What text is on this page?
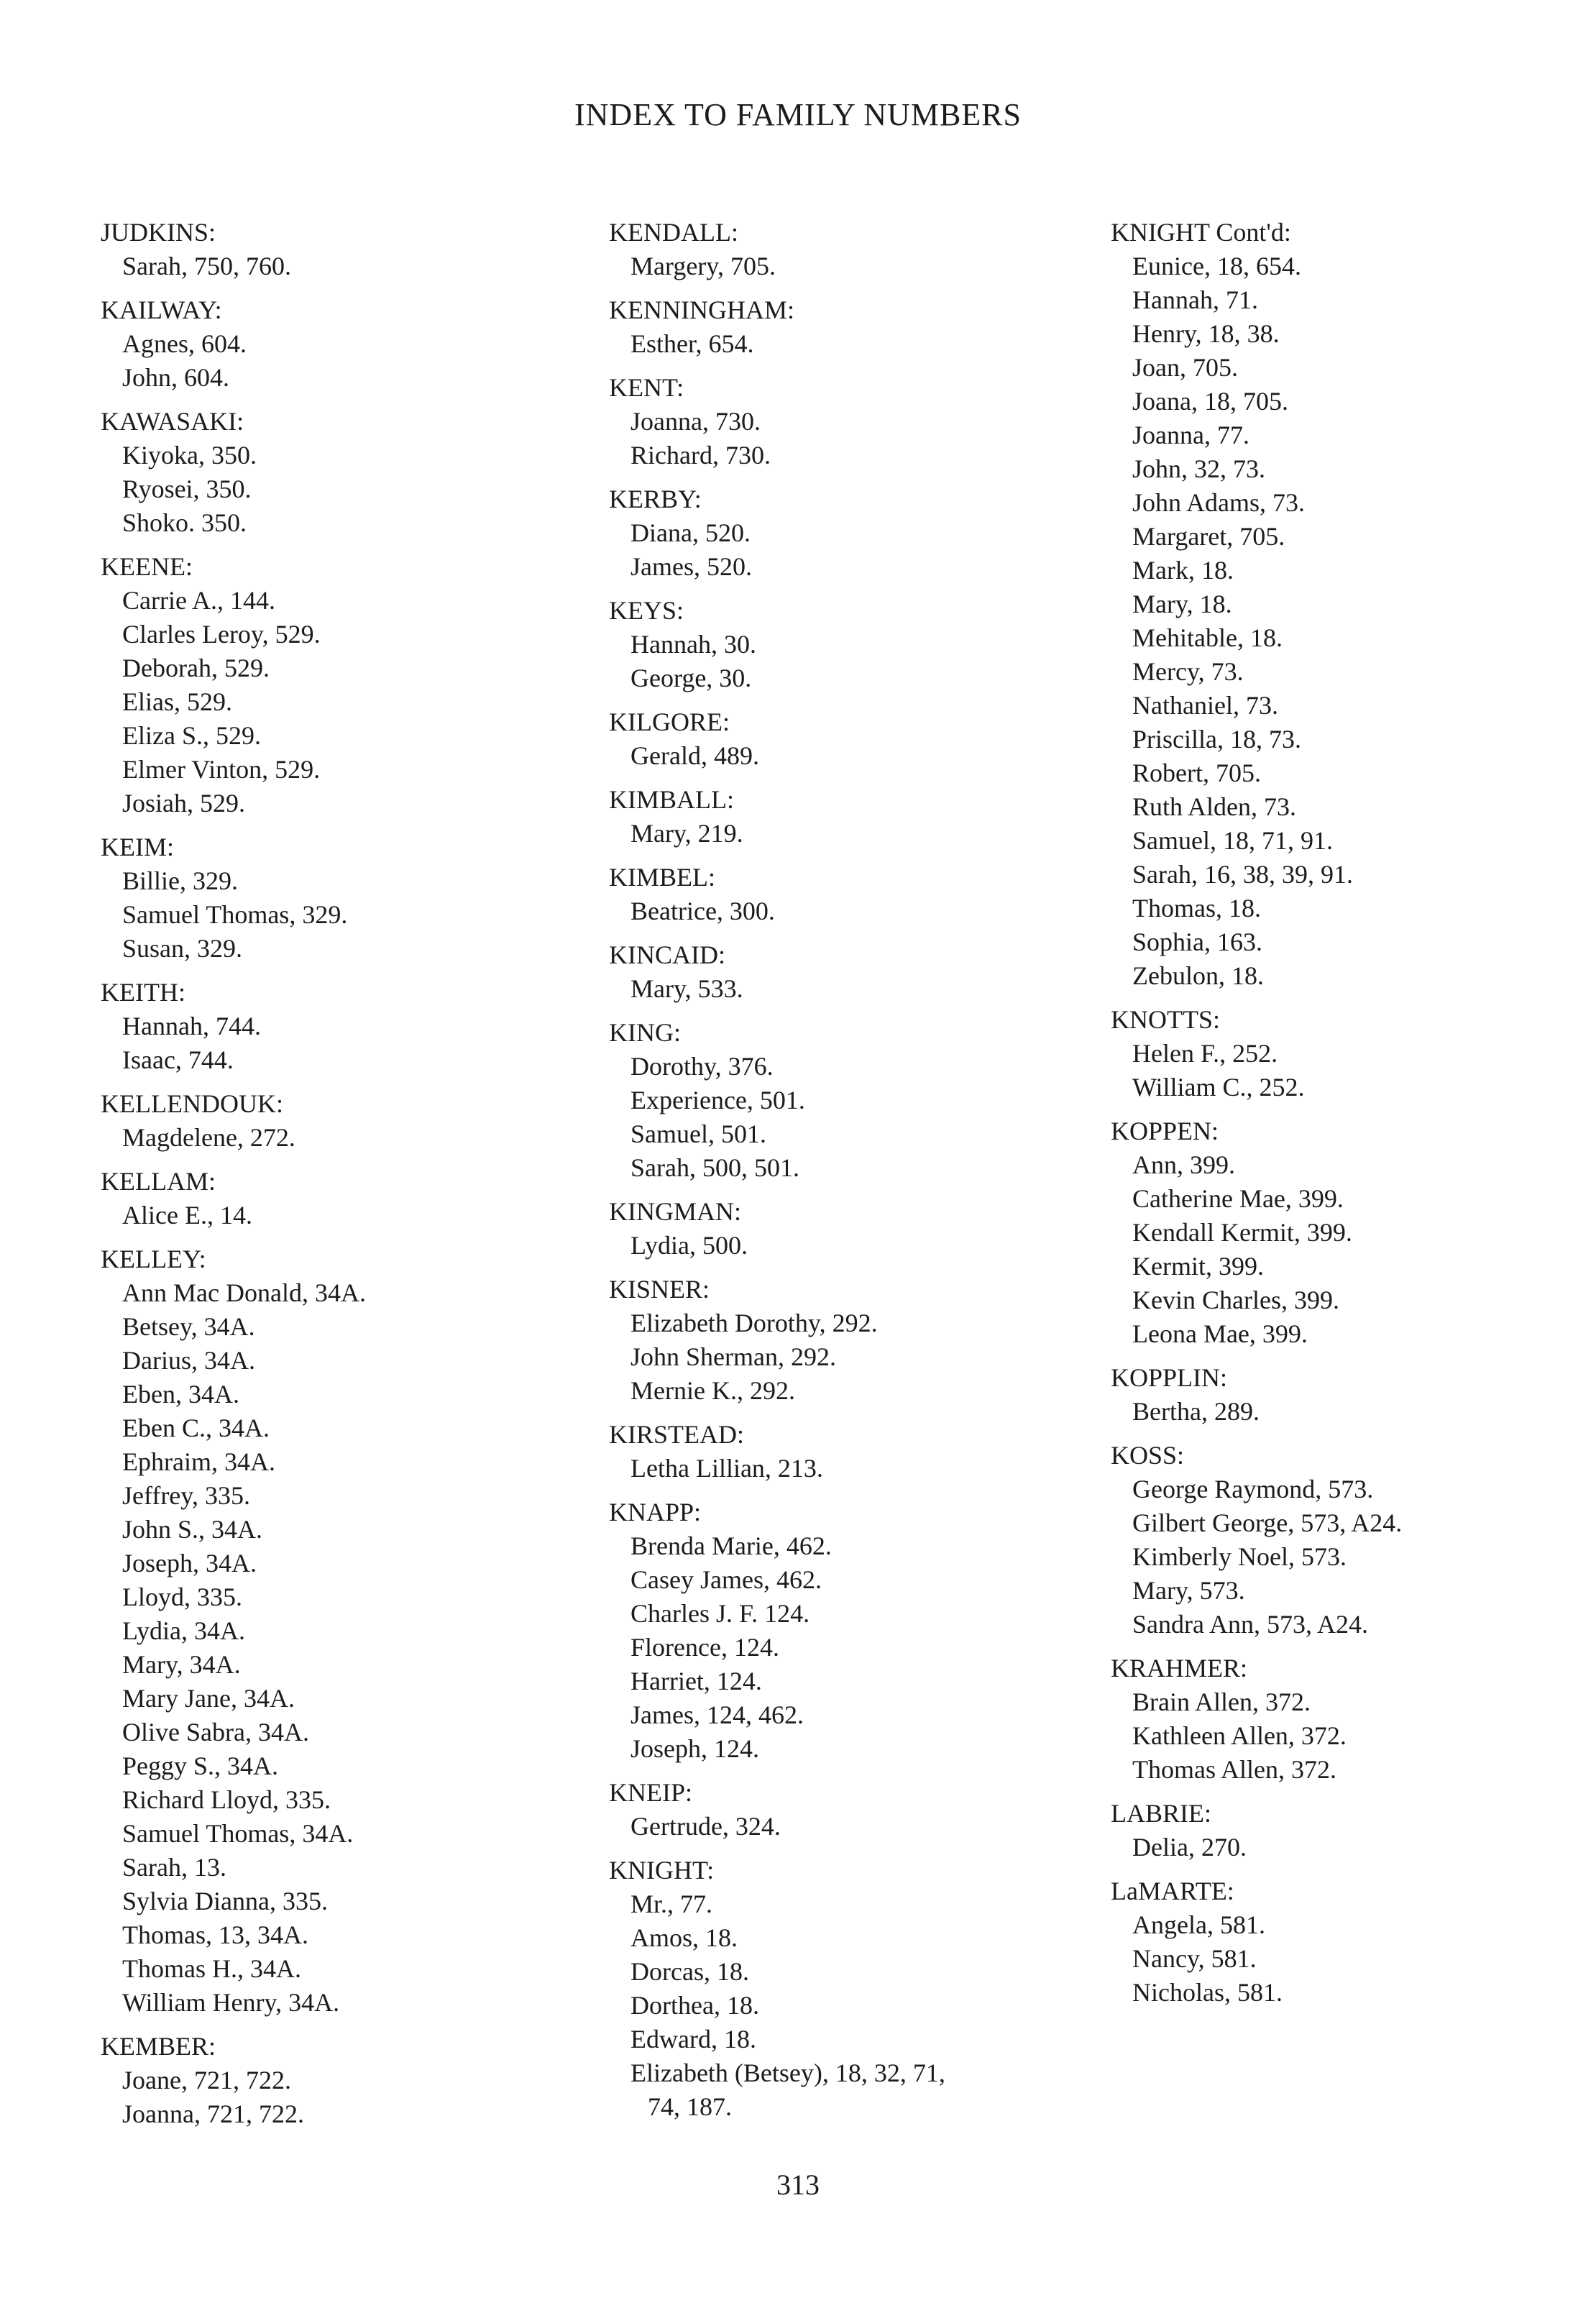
INDEX TO FAMILY NUMBERS
JUDKINS:
Sarah, 750, 760.
KAILWAY:
Agnes, 604.
John, 604.
KAWASAKI:
Kiyoka, 350.
Ryosei, 350.
Shoko. 350.
KEENE:
Carrie A., 144.
Clarles Leroy, 529.
Deborah, 529.
Elias, 529.
Eliza S., 529.
Elmer Vinton, 529.
Josiah, 529.
KEIM:
Billie, 329.
Samuel Thomas, 329.
Susan, 329.
KEITH:
Hannah, 744.
Isaac, 744.
KELLENDOUK:
Magdelene, 272.
KELLAM:
Alice E., 14.
KELLEY:
Ann Mac Donald, 34A.
Betsey, 34A.
Darius, 34A.
Eben, 34A.
Eben C., 34A.
Ephraim, 34A.
Jeffrey, 335.
John S., 34A.
Joseph, 34A.
Lloyd, 335.
Lydia, 34A.
Mary, 34A.
Mary Jane, 34A.
Olive Sabra, 34A.
Peggy S., 34A.
Richard Lloyd, 335.
Samuel Thomas, 34A.
Sarah, 13.
Sylvia Dianna, 335.
Thomas, 13, 34A.
Thomas H., 34A.
William Henry, 34A.
KEMBER:
Joane, 721, 722.
Joanna, 721, 722.
KENDALL:
Margery, 705.
KENNINGHAM:
Esther, 654.
KENT:
Joanna, 730.
Richard, 730.
KERBY:
Diana, 520.
James, 520.
KEYS:
Hannah, 30.
George, 30.
KILGORE:
Gerald, 489.
KIMBALL:
Mary, 219.
KIMBEL:
Beatrice, 300.
KINCAID:
Mary, 533.
KING:
Dorothy, 376.
Experience, 501.
Samuel, 501.
Sarah, 500, 501.
KINGMAN:
Lydia, 500.
KISNER:
Elizabeth Dorothy, 292.
John Sherman, 292.
Mernie K., 292.
KIRSTEAD:
Letha Lillian, 213.
KNAPP:
Brenda Marie, 462.
Casey James, 462.
Charles J. F. 124.
Florence, 124.
Harriet, 124.
James, 124, 462.
Joseph, 124.
KNEIP:
Gertrude, 324.
KNIGHT:
Mr., 77.
Amos, 18.
Dorcas, 18.
Dorthea, 18.
Edward, 18.
Elizabeth (Betsey), 18, 32, 71,
74, 187.
KNIGHT Cont'd:
Eunice, 18, 654.
Hannah, 71.
Henry, 18, 38.
Joan, 705.
Joana, 18, 705.
Joanna, 77.
John, 32, 73.
John Adams, 73.
Margaret, 705.
Mark, 18.
Mary, 18.
Mehitable, 18.
Mercy, 73.
Nathaniel, 73.
Priscilla, 18, 73.
Robert, 705.
Ruth Alden, 73.
Samuel, 18, 71, 91.
Sarah, 16, 38, 39, 91.
Thomas, 18.
Sophia, 163.
Zebulon, 18.
KNOTTS:
Helen F., 252.
William C., 252.
KOPPEN:
Ann, 399.
Catherine Mae, 399.
Kendall Kermit, 399.
Kermit, 399.
Kevin Charles, 399.
Leona Mae, 399.
KOPPLIN:
Bertha, 289.
KOSS:
George Raymond, 573.
Gilbert George, 573, A24.
Kimberly Noel, 573.
Mary, 573.
Sandra Ann, 573, A24.
KRAHMER:
Brain Allen, 372.
Kathleen Allen, 372.
Thomas Allen, 372.
LABRIE:
Delia, 270.
LaMARTE:
Angela, 581.
Nancy, 581.
Nicholas, 581.
313
